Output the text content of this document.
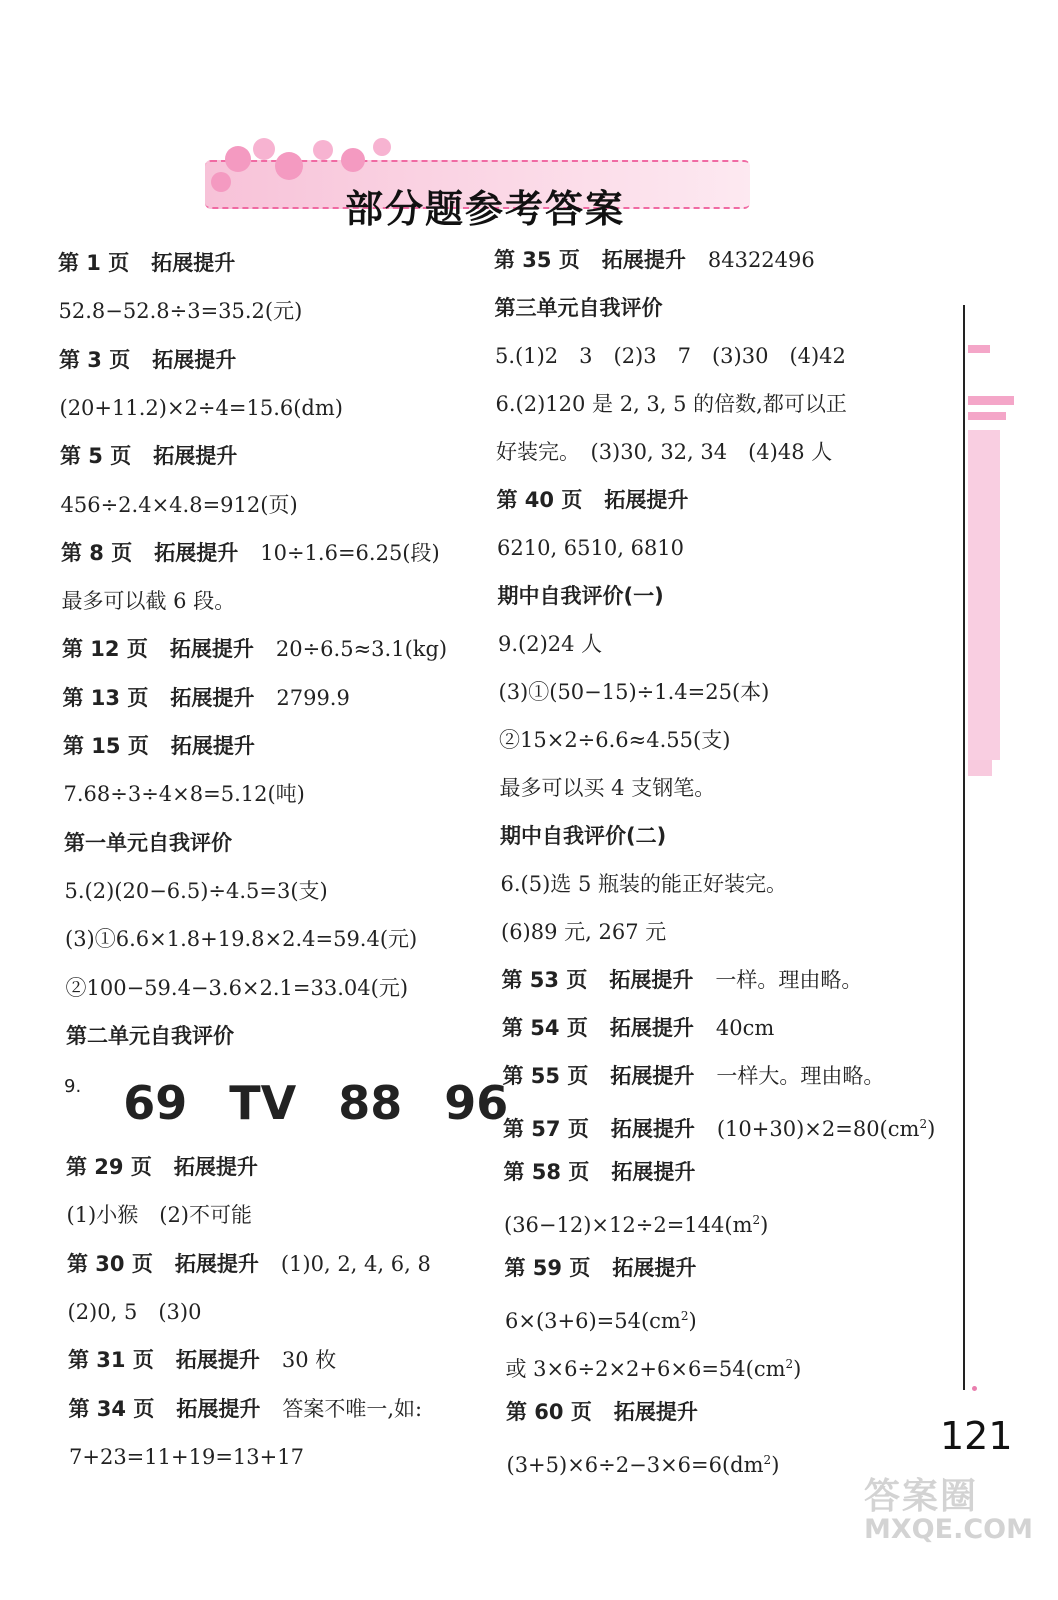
部分题参考答案
第 1 页 拓展提升
52.8−52.8÷3=35.2(元)
第 3 页 拓展提升
(20+11.2)×2÷4=15.6(dm)
第 5 页 拓展提升
456÷2.4×4.8=912(页)
第 8 页 拓展提升 10÷1.6=6.25(段)
最多可以截 6 段。
第 12 页 拓展提升 20÷6.5≈3.1(kg)
第 13 页 拓展提升 2799.9
第 15 页 拓展提升
7.68÷3÷4×8=5.12(吨)
第一单元自我评价
5.(2)(20−6.5)÷4.5=3(支)
(3)①6.6×1.8+19.8×2.4=59.4(元)
②100−59.4−3.6×2.1=33.04(元)
第二单元自我评价
$^{9.}$ 69 TV 88 96
第 29 页 拓展提升
(1)小猴　(2)不可能
第 30 页 拓展提升 (1)0, 2, 4, 6, 8
(2)0, 5　(3)0
第 31 页 拓展提升 30 枚
第 34 页 拓展提升 答案不唯一,如:
7+23=11+19=13+17
第 35 页 拓展提升 84322496
第三单元自我评价
5.(1)2　3　(2)3　7　(3)30　(4)42
6.(2)120 是 2, 3, 5 的倍数,都可以正
好装完。　(3)30, 32, 34　(4)48 人
第 40 页 拓展提升
6210, 6510, 6810
期中自我评价(一)
9.(2)24 人
(3)①(50−15)÷1.4=25(本)
②15×2÷6.6≈4.55(支)
最多可以买 4 支钢笔。
期中自我评价(二)
6.(5)选 5 瓶装的能正好装完。
(6)89 元, 267 元
第 53 页 拓展提升 一样。理由略。
第 54 页 拓展提升 40cm
第 55 页 拓展提升 一样大。理由略。
第 57 页 拓展提升 $(10+30)\times 2=80(cm^2)$
第 58 页 拓展提升
$(36-12)\times 12\div 2=144(m^2)$
第 59 页 拓展提升
$6\times(3+6)=54(cm^2)$
或 $3\times 6\div 2\times 2+6\times 6=54(cm^2)$
第 60 页 拓展提升
$(3+5)\times 6\div 2-3\times 6=6(dm^2)$
121
答案圈
MXQE.COM
